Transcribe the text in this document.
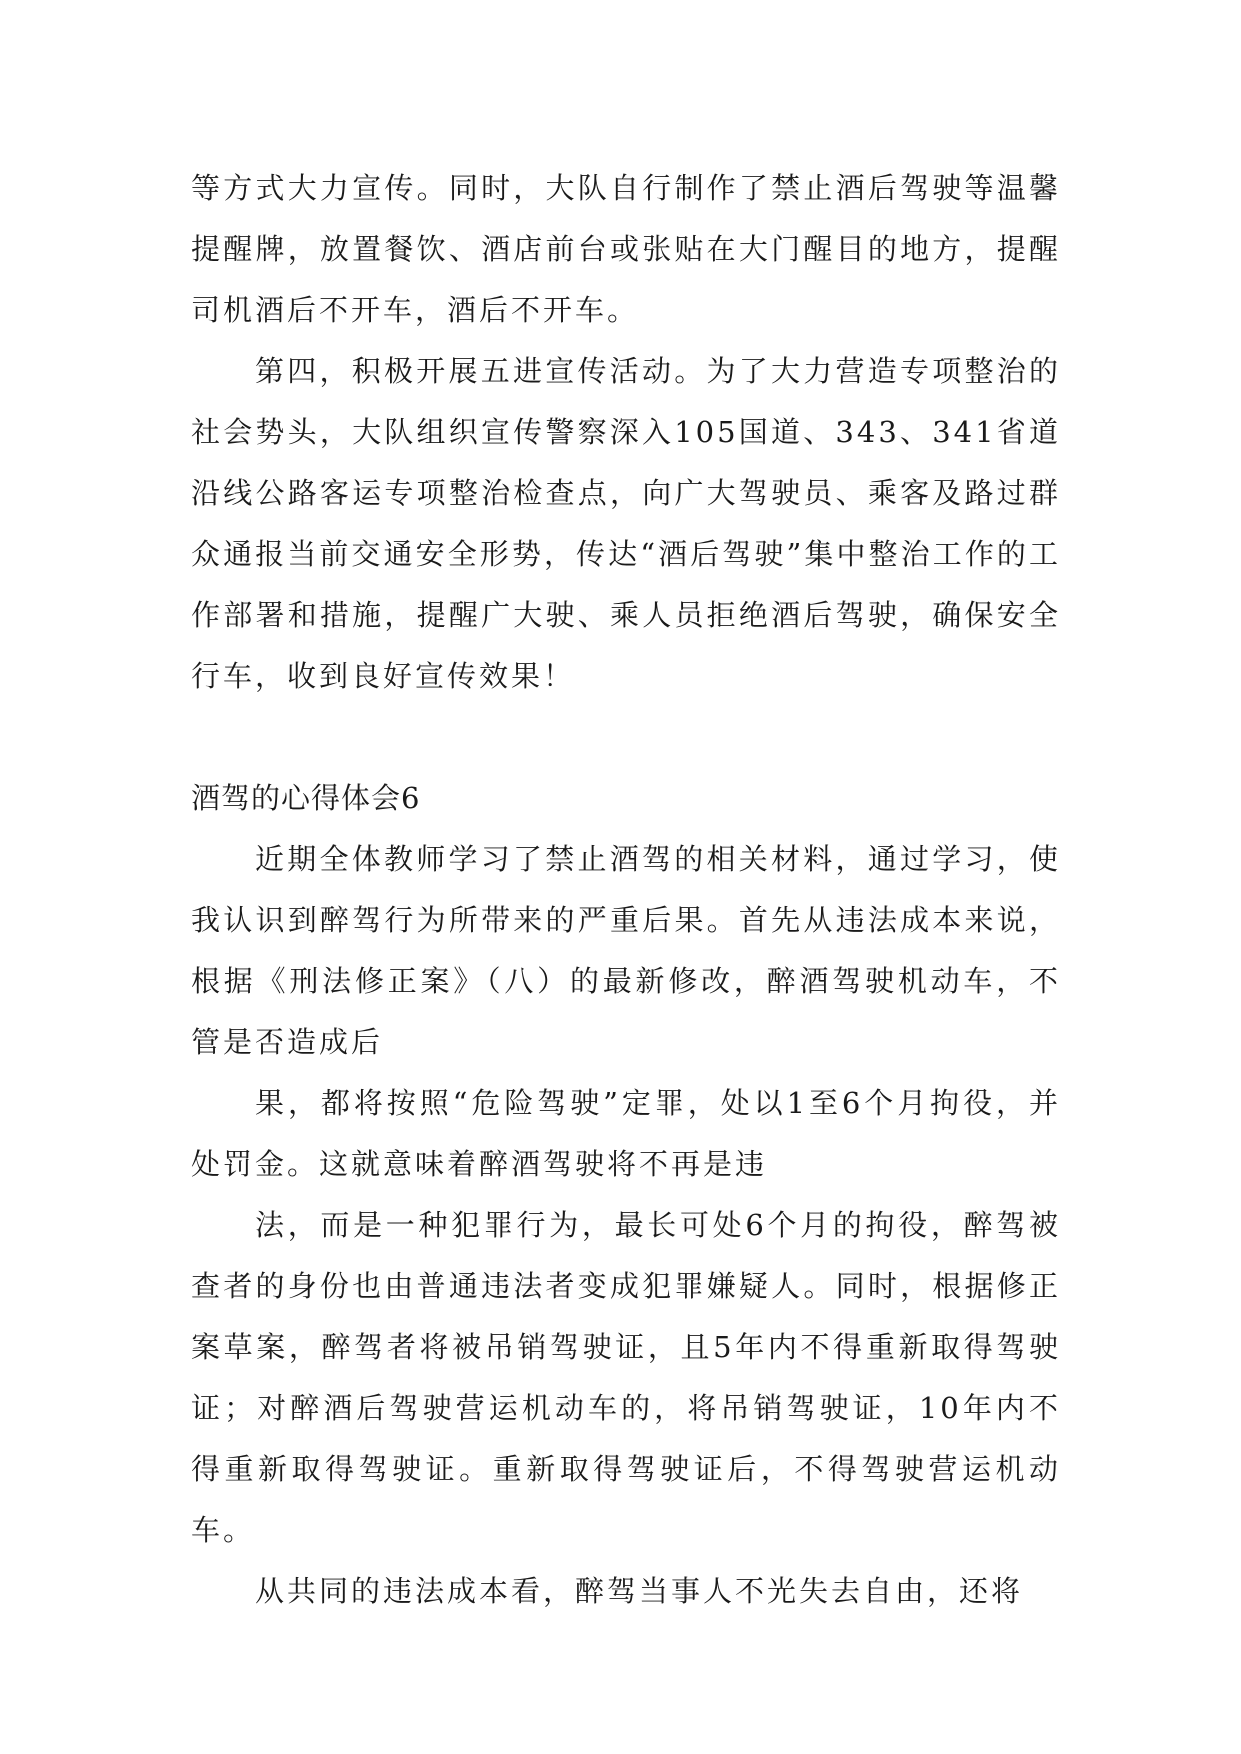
等方式大力宣传。同时，大队自行制作了禁止酒后驾驶等温馨提醒牌，放置餐饮、酒店前台或张贴在大门醒目的地方，提醒司机酒后不开车，酒后不开车。

第四，积极开展五进宣传活动。为了大力营造专项整治的社会势头，大队组织宣传警察深入105国道、343、341省道沿线公路客运专项整治检查点，向广大驾驶员、乘客及路过群众通报当前交通安全形势，传达“酒后驾驶”集中整治工作的工作部署和措施，提醒广大驶、乘人员拒绝酒后驾驶，确保安全行车，收到良好宣传效果！

酒驾的心得体会6

近期全体教师学习了禁止酒驾的相关材料，通过学习，使我认识到醉驾行为所带来的严重后果。首先从违法成本来说，根据《刑法修正案》（八）的最新修改，醉酒驾驶机动车，不管是否造成后

果，都将按照“危险驾驶”定罪，处以1至6个月拘役，并处罚金。这就意味着醉酒驾驶将不再是违

法，而是一种犯罪行为，最长可处6个月的拘役，醉驾被查者的身份也由普通违法者变成犯罪嫌疑人。同时，根据修正案草案，醉驾者将被吊销驾驶证，且5年内不得重新取得驾驶证；对醉酒后驾驶营运机动车的，将吊销驾驶证，10年内不得重新取得驾驶证。重新取得驾驶证后，不得驾驶营运机动车。

从共同的违法成本看，醉驾当事人不光失去自由，还将
